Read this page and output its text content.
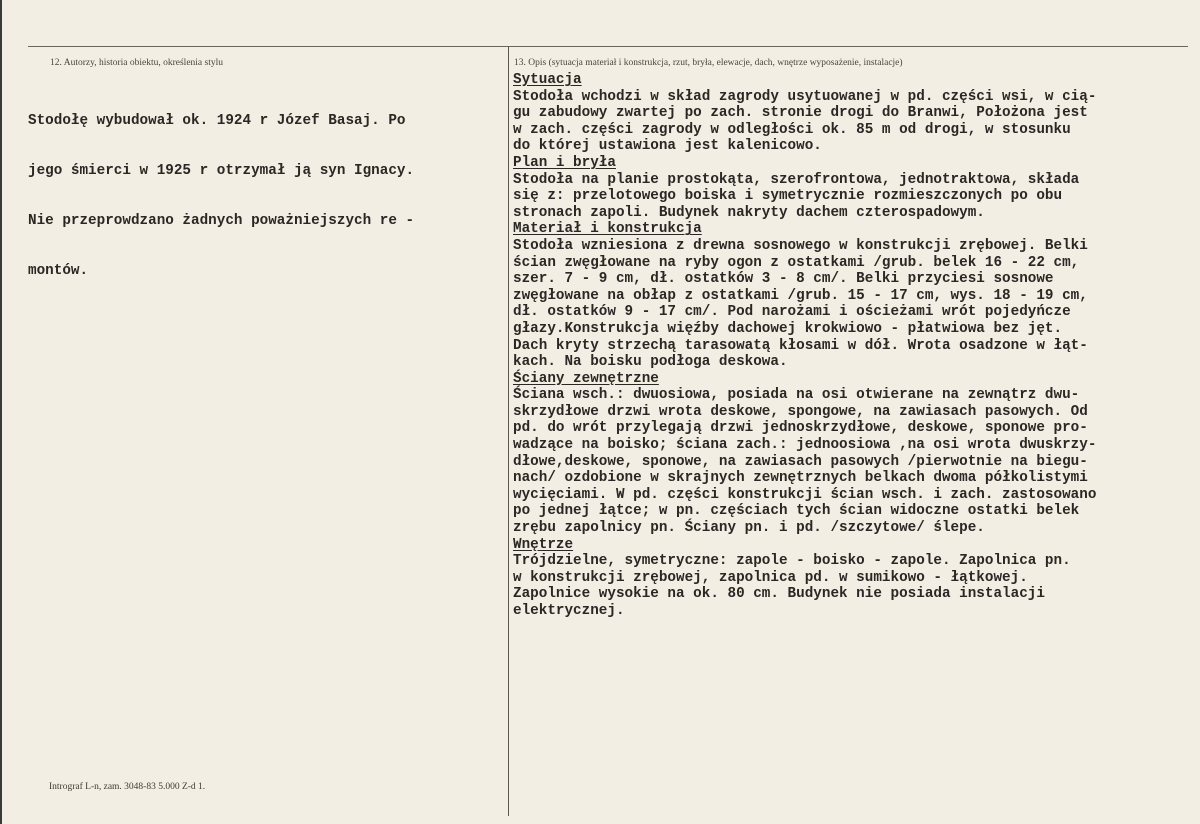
12. Autorzy, historia obiektu, określenia stylu	13. Opis (sytuacja materiał i konstrukcja, rzut, bryła, elewacje, dach, wnętrze wyposażenie, instalacje)

Stodołę wybudował ok. 1924 r Józef Basaj. Po

jego śmierci w 1925 r otrzymał ją syn Ignacy.

Nie przeprowdzano żadnych poważniejszych re -

montów.

Sytuacja
Stodoła wchodzi w skład zagrody usytuowanej w pd. części wsi, w cią-
gu zabudowy zwartej po zach. stronie drogi do Branwi, Położona jest
w zach. części zagrody w odległości ok. 85 m od drogi, w stosunku
do której ustawiona jest kalenicowo.
Plan i bryła
Stodoła na planie prostokąta, szerofrontowa, jednotraktowa, składa
się z: przelotowego boiska i symetrycznie rozmieszczonych po obu
stronach zapoli. Budynek nakryty dachem czterospadowym.
Materiał i konstrukcja
Stodoła wzniesiona z drewna sosnowego w konstrukcji zrębowej. Belki
ścian zwęgłowane na ryby ogon z ostatkami /grub. belek 16 - 22 cm,
szer. 7 - 9 cm, dł. ostatków 3 - 8 cm/. Belki przyciesi sosnowe
zwęgłowane na obłap z ostatkami /grub. 15 - 17 cm, wys. 18 - 19 cm,
dł. ostatków 9 - 17 cm/. Pod narożami i ościeżami wrót pojedyńcze
głazy.Konstrukcja więźby dachowej krokwiowo - płatwiowa bez jęt.
Dach kryty strzechą tarasowatą kłosami w dół. Wrota osadzone w łąt-
kach. Na boisku podłoga deskowa.
Ściany zewnętrzne
Ściana wsch.: dwuosiowa, posiada na osi otwierane na zewnątrz dwu-
skrzydłowe drzwi wrota deskowe, spongowe, na zawiasach pasowych. Od
pd. do wrót przylegają drzwi jednoskrzydłowe, deskowe, sponowe pro-
wadzące na boisko; ściana zach.: jednoosiowa ,na osi wrota dwuskrzy-
dłowe,deskowe, sponowe, na zawiasach pasowych /pierwotnie na biegu-
nach/ ozdobione w skrajnych zewnętrznych belkach dwoma półkolistymi
wycięciami. W pd. części konstrukcji ścian wsch. i zach. zastosowano
po jednej łątce; w pn. częściach tych ścian widoczne ostatki belek
zrębu zapolnicy pn. Ściany pn. i pd. /szczytowe/ ślepe.
Wnętrze
Trójdzielne, symetryczne: zapole - boisko - zapole. Zapolnica pn.
w konstrukcji zrębowej, zapolnica pd. w sumikowo - łątkowej.
Zapolnice wysokie na ok. 80 cm. Budynek nie posiada instalacji
elektrycznej.
Intrograf L-n, zam. 3048-83 5.000 Z-d 1.
